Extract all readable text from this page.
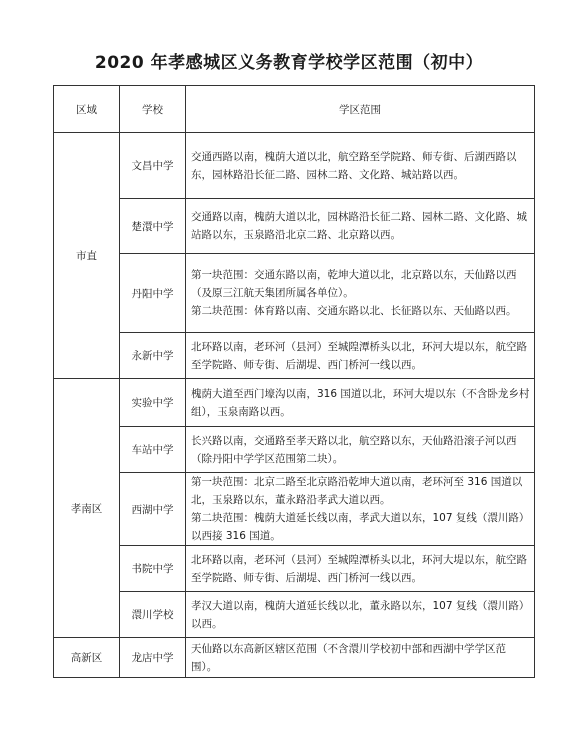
2020 年孝感城区义务教育学校学区范围（初中）
区域	学校	学区范围
市直	文昌中学	交通西路以南，槐荫大道以北，航空路至学院路、师专街、后湖西路以东，园林路沿长征二路、园林二路、文化路、城站路以西。

	楚澴中学	交通路以南，槐荫大道以北，园林路沿长征二路、园林二路、文化路、城站路以东，玉泉路沿北京二路、北京路以西。

	丹阳中学	第一块范围：交通东路以南，乾坤大道以北，北京路以东，天仙路以西（及原三江航天集团所属各单位）。
第二块范围：体育路以南、交通东路以北、长征路以东、天仙路以西。

	永新中学	北环路以南，老环河（县河）至城隍潭桥头以北，环河大堤以东，航空路至学院路、师专街、后湖堤、西门桥河一线以西。

孝南区	实验中学	槐荫大道至西门壕沟以南，316 国道以北，环河大堤以东（不含卧龙乡村组），玉泉南路以西。

	车站中学	长兴路以南，交通路至孝天路以北，航空路以东，天仙路沿滚子河以西（除丹阳中学学区范围第二块）。

	西湖中学	第一块范围：北京二路至北京路沿乾坤大道以南，老环河至 316 国道以北，玉泉路以东，董永路沿孝武大道以西。
第二块范围：槐荫大道延长线以南，孝武大道以东，107 复线（澴川路）以西接 316 国道。

	书院中学	北环路以南，老环河（县河）至城隍潭桥头以北，环河大堤以东，航空路至学院路、师专街、后湖堤、西门桥河一线以西。

	澴川学校	孝汉大道以南，槐荫大道延长线以北，董永路以东，107 复线（澴川路）以西。

高新区	龙店中学	天仙路以东高新区辖区范围（不含澴川学校初中部和西湖中学学区范围）。
